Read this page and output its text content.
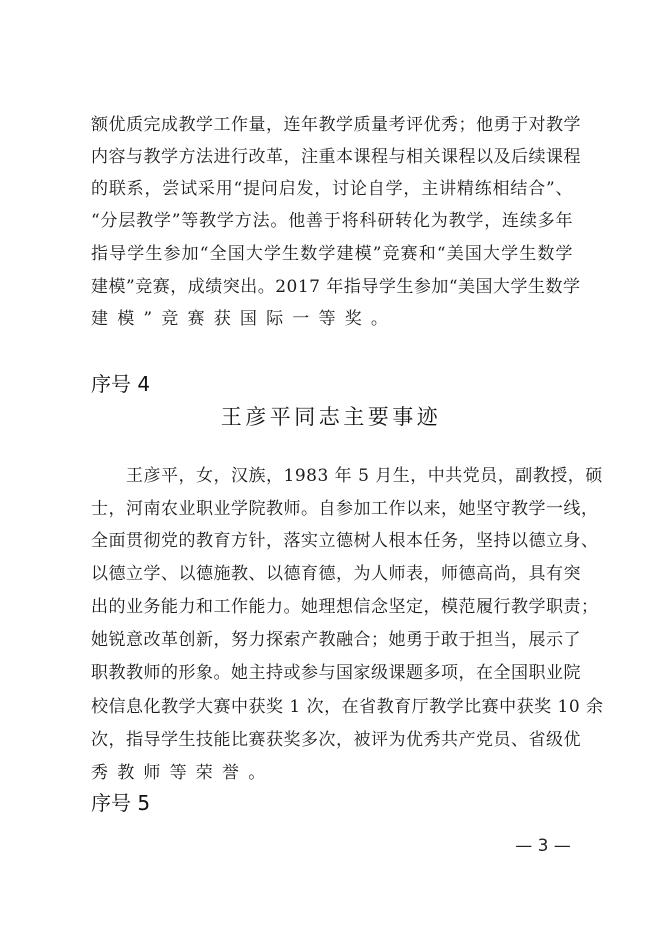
额优质完成教学工作量，连年教学质量考评优秀；他勇于对教学
内容与教学方法进行改革，注重本课程与相关课程以及后续课程
的联系，尝试采用“提问启发，讨论自学，主讲精练相结合”、
“分层教学”等教学方法。他善于将科研转化为教学，连续多年
指导学生参加“全国大学生数学建模”竞赛和“美国大学生数学
建模”竞赛，成绩突出。2017 年指导学生参加“美国大学生数学
建模”竞赛获国际一等奖。
序号 4
王彦平同志主要事迹
王彦平，女，汉族，1983 年 5 月生，中共党员，副教授，硕
士，河南农业职业学院教师。自参加工作以来，她坚守教学一线，
全面贯彻党的教育方针，落实立德树人根本任务，坚持以德立身、
以德立学、以德施教、以德育德，为人师表，师德高尚，具有突
出的业务能力和工作能力。她理想信念坚定，模范履行教学职责；
她锐意改革创新，努力探索产教融合；她勇于敢于担当，展示了
职教教师的形象。她主持或参与国家级课题多项，在全国职业院
校信息化教学大赛中获奖 1 次，在省教育厅教学比赛中获奖 10 余
次，指导学生技能比赛获奖多次，被评为优秀共产党员、省级优
秀教师等荣誉。
序号 5
— 3 —
